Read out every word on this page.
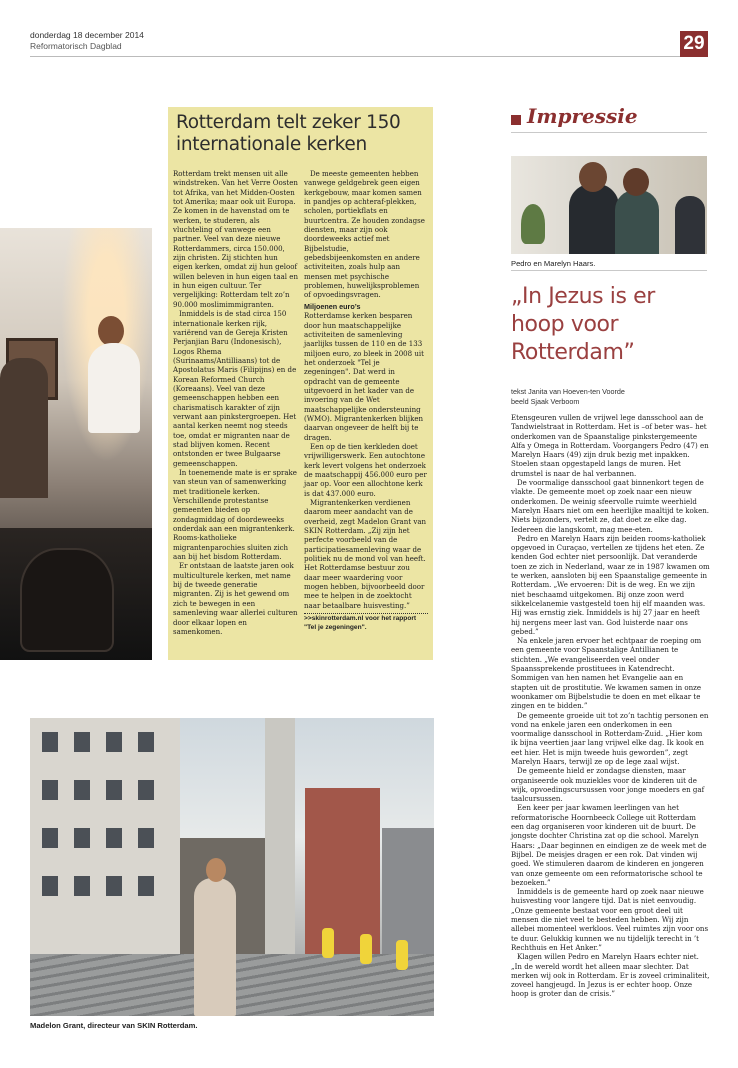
donderdag 18 december 2014
Reformatorisch Dagblad	29
Rotterdam telt zeker 150 internationale kerken

Rotterdam trekt mensen uit alle windstreken. Van het Verre Oosten tot Afrika, van het Midden-Oosten tot Amerika; maar ook uit Europa. Ze komen in de havenstad om te werken, te studeren, als vluchteling of vanwege een partner. Veel van deze nieuwe Rotterdammers, circa 150.000, zijn christen. Zij stichten hun eigen kerken, omdat zij hun geloof willen beleven in hun eigen taal en in hun eigen cultuur. Ter vergelijking: Rotterdam telt zo’n 90.000 moslimimmigranten.

Inmiddels is de stad circa 150 internationale kerken rijk, variërend van de Gereja Kristen Perjanjian Baru (Indonesisch), Logos Rhema (Surinaams/Antilliaans) tot de Apostolatus Maris (Filipijns) en de Korean Reformed Church (Koreaans). Veel van deze gemeenschappen hebben een charismatisch karakter of zijn verwant aan pinkstergroepen. Het aantal kerken neemt nog steeds toe, omdat er migranten naar de stad blijven komen. Recent ontstonden er twee Bulgaarse gemeenschappen.

In toenemende mate is er sprake van steun van of samenwerking met traditionele kerken. Verschillende protestantse gemeenten bieden op zondagmiddag of doordeweeks onderdak aan een migrantenkerk. Rooms-katholieke migrantenparochies sluiten zich aan bij het bisdom Rotterdam.

Er ontstaan de laatste jaren ook multiculturele kerken, met name bij de tweede generatie migranten. Zij is het gewend om zich te bewegen in een samenleving waar allerlei culturen door elkaar lopen en samenkomen.

De meeste gemeenten hebben vanwege geldgebrek geen eigen kerkgebouw, maar komen samen in pandjes op achteraf-plekken, scholen, portiekflats en buurtcentra. Ze houden zondagse diensten, maar zijn ook doordeweeks actief met Bijbelstudie, gebedsbijeenkomsten en andere activiteiten, zoals hulp aan mensen met psychische problemen, huwelijksproblemen of opvoedingsvragen.

Miljoenen euro’s

Rotterdamse kerken besparen door hun maatschappelijke activiteiten de samenleving jaarlijks tussen de 110 en de 133 miljoen euro, zo bleek in 2008 uit het onderzoek "Tel je zegeningen". Dat werd in opdracht van de gemeente uitgevoerd in het kader van de invoering van de Wet maatschappelijke ondersteuning (WMO). Migrantenkerken blijken daarvan ongeveer de helft bij te dragen.

Een op de tien kerkleden doet vrijwilligerswerk. Een autochtone kerk levert volgens het onderzoek de maatschappij 456.000 euro per jaar op. Voor een allochtone kerk is dat 437.000 euro.

Migrantenkerken verdienen daarom meer aandacht van de overheid, zegt Madelon Grant van SKIN Rotterdam. „Zij zijn het perfecte voorbeeld van de participatiesamenleving waar de politiek nu de mond vol van heeft. Het Rotterdamse bestuur zou daar meer waardering voor mogen hebben, bijvoorbeeld door mee te helpen in de zoektocht naar betaalbare huisvesting.”

>>skinrotterdam.nl voor het rapport "Tel je zegeningen".

Madelon Grant, directeur van SKIN Rotterdam.
Impressie
Pedro en Marelyn Haars.
„In Jezus is er hoop voor Rotterdam”
tekst Janita van Hoeven-ten Voorde
beeld Sjaak Verboom

Etensgeuren vullen de vrijwel lege dansschool aan de Tandwielstraat in Rotterdam. Het is –of beter was– het onderkomen van de Spaanstalige pinkstergemeente Alfa y Omega in Rotterdam. Voorgangers Pedro (47) en Marelyn Haars (49) zijn druk bezig met inpakken. Stoelen staan opgestapeld langs de muren. Het drumstel is naar de hal verbannen.

De voormalige dansschool gaat binnenkort tegen de vlakte. De gemeente moet op zoek naar een nieuw onderkomen. De weinig sfeervolle ruimte weerhield Marelyn Haars niet om een heerlijke maaltijd te koken. Niets bijzonders, vertelt ze, dat doet ze elke dag. Iedereen die langskomt, mag mee-eten.

Pedro en Marelyn Haars zijn beiden rooms-katholiek opgevoed in Curaçao, vertellen ze tijdens het eten. Ze kenden God echter niet persoonlijk. Dat veranderde toen ze zich in Nederland, waar ze in 1987 kwamen om te werken, aansloten bij een Spaanstalige gemeente in Rotterdam. „We ervoeren: Dit is de weg. En we zijn niet beschaamd uitgekomen. Bij onze zoon werd sikkelcelanemie vastgesteld toen hij elf maanden was. Hij was ernstig ziek. Inmiddels is hij 27 jaar en heeft hij nergens meer last van. God luisterde naar ons gebed.”

Na enkele jaren ervoer het echtpaar de roeping om een gemeente voor Spaanstalige Antillianen te stichten. „We evangeliseerden veel onder Spaanssprekende prostituees in Katendrecht. Sommigen van hen namen het Evangelie aan en stapten uit de prostitutie. We kwamen samen in onze woonkamer om Bijbelstudie te doen en met elkaar te zingen en te bidden.”

De gemeente groeide uit tot zo’n tachtig personen en vond na enkele jaren een onderkomen in een voormalige dansschool in Rotterdam-Zuid. „Hier kom ik bijna veertien jaar lang vrijwel elke dag. Ik kook en eet hier. Het is mijn tweede huis geworden”, zegt Marelyn Haars, terwijl ze op de lege zaal wijst.

De gemeente hield er zondagse diensten, maar organiseerde ook muziekles voor de kinderen uit de wijk, opvoedingscursussen voor jonge moeders en gaf taalcursussen.

Een keer per jaar kwamen leerlingen van het reformatorische Hoornbeeck College uit Rotterdam een dag organiseren voor kinderen uit de buurt. De jongste dochter Christina zat op die school. Marelyn Haars: „Daar beginnen en eindigen ze de week met de Bijbel. De meisjes dragen er een rok. Dat vinden wij goed. We stimuleren daarom de kinderen en jongeren van onze gemeente om een reformatorische school te bezoeken.”

Inmiddels is de gemeente hard op zoek naar nieuwe huisvesting voor langere tijd. Dat is niet eenvoudig. „Onze gemeente bestaat voor een groot deel uit mensen die niet veel te besteden hebben. Wij zijn allebei momenteel werkloos. Veel ruimtes zijn voor ons te duur. Gelukkig kunnen we nu tijdelijk terecht in ’t Rechthuis en Het Anker.”

Klagen willen Pedro en Marelyn Haars echter niet. „In de wereld wordt het alleen maar slechter. Dat merken wij ook in Rotterdam. Er is zoveel criminaliteit, zoveel hangjeugd. In Jezus is er echter hoop. Onze hoop is groter dan de crisis.”
